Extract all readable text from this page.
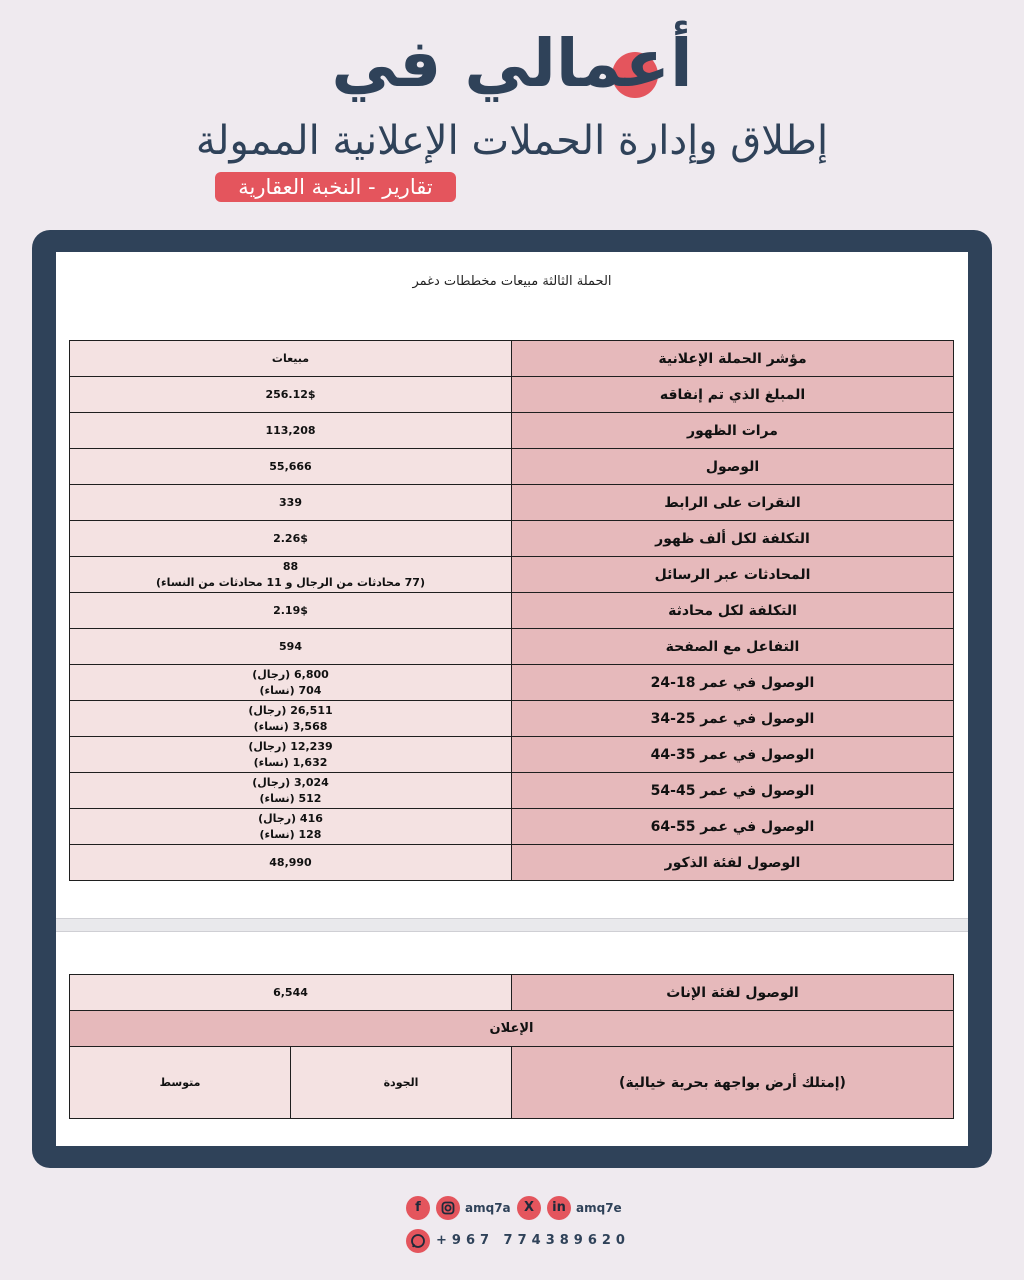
أعمالي في
إطلاق وإدارة الحملات الإعلانية الممولة
تقارير - النخبة العقارية
الحملة الثالثة مبيعات مخططات دغمر
مؤشر الحملة الإعلانية	مبيعات

المبلغ الذي تم إنفاقه	256.12$

مرات الظهور	113,208

الوصول	55,666

النقرات على الرابط	339

التكلفة لكل ألف ظهور	2.26$

المحادثات عبر الرسائل	88
(77 محادثات من الرجال و 11 محادثات من النساء)

التكلفة لكل محادثة	2.19$

التفاعل مع الصفحة	594

الوصول في عمر 18-24	6,800 (رجال)
704 (نساء)

الوصول في عمر 25-34	26,511 (رجال)
3,568 (نساء)

الوصول في عمر 35-44	12,239 (رجال)
1,632 (نساء)

الوصول في عمر 45-54	3,024 (رجال)
512 (نساء)

الوصول في عمر 55-64	416 (رجال)
128 (نساء)

الوصول لفئة الذكور	48,990
الوصول لفئة الإناث	6,544	
الإعلان		
(إمتلك أرض بواجهة بحرية خيالية)	الجودة	متوسط
f	amq7a	X	in amq7e
+967 774389620
